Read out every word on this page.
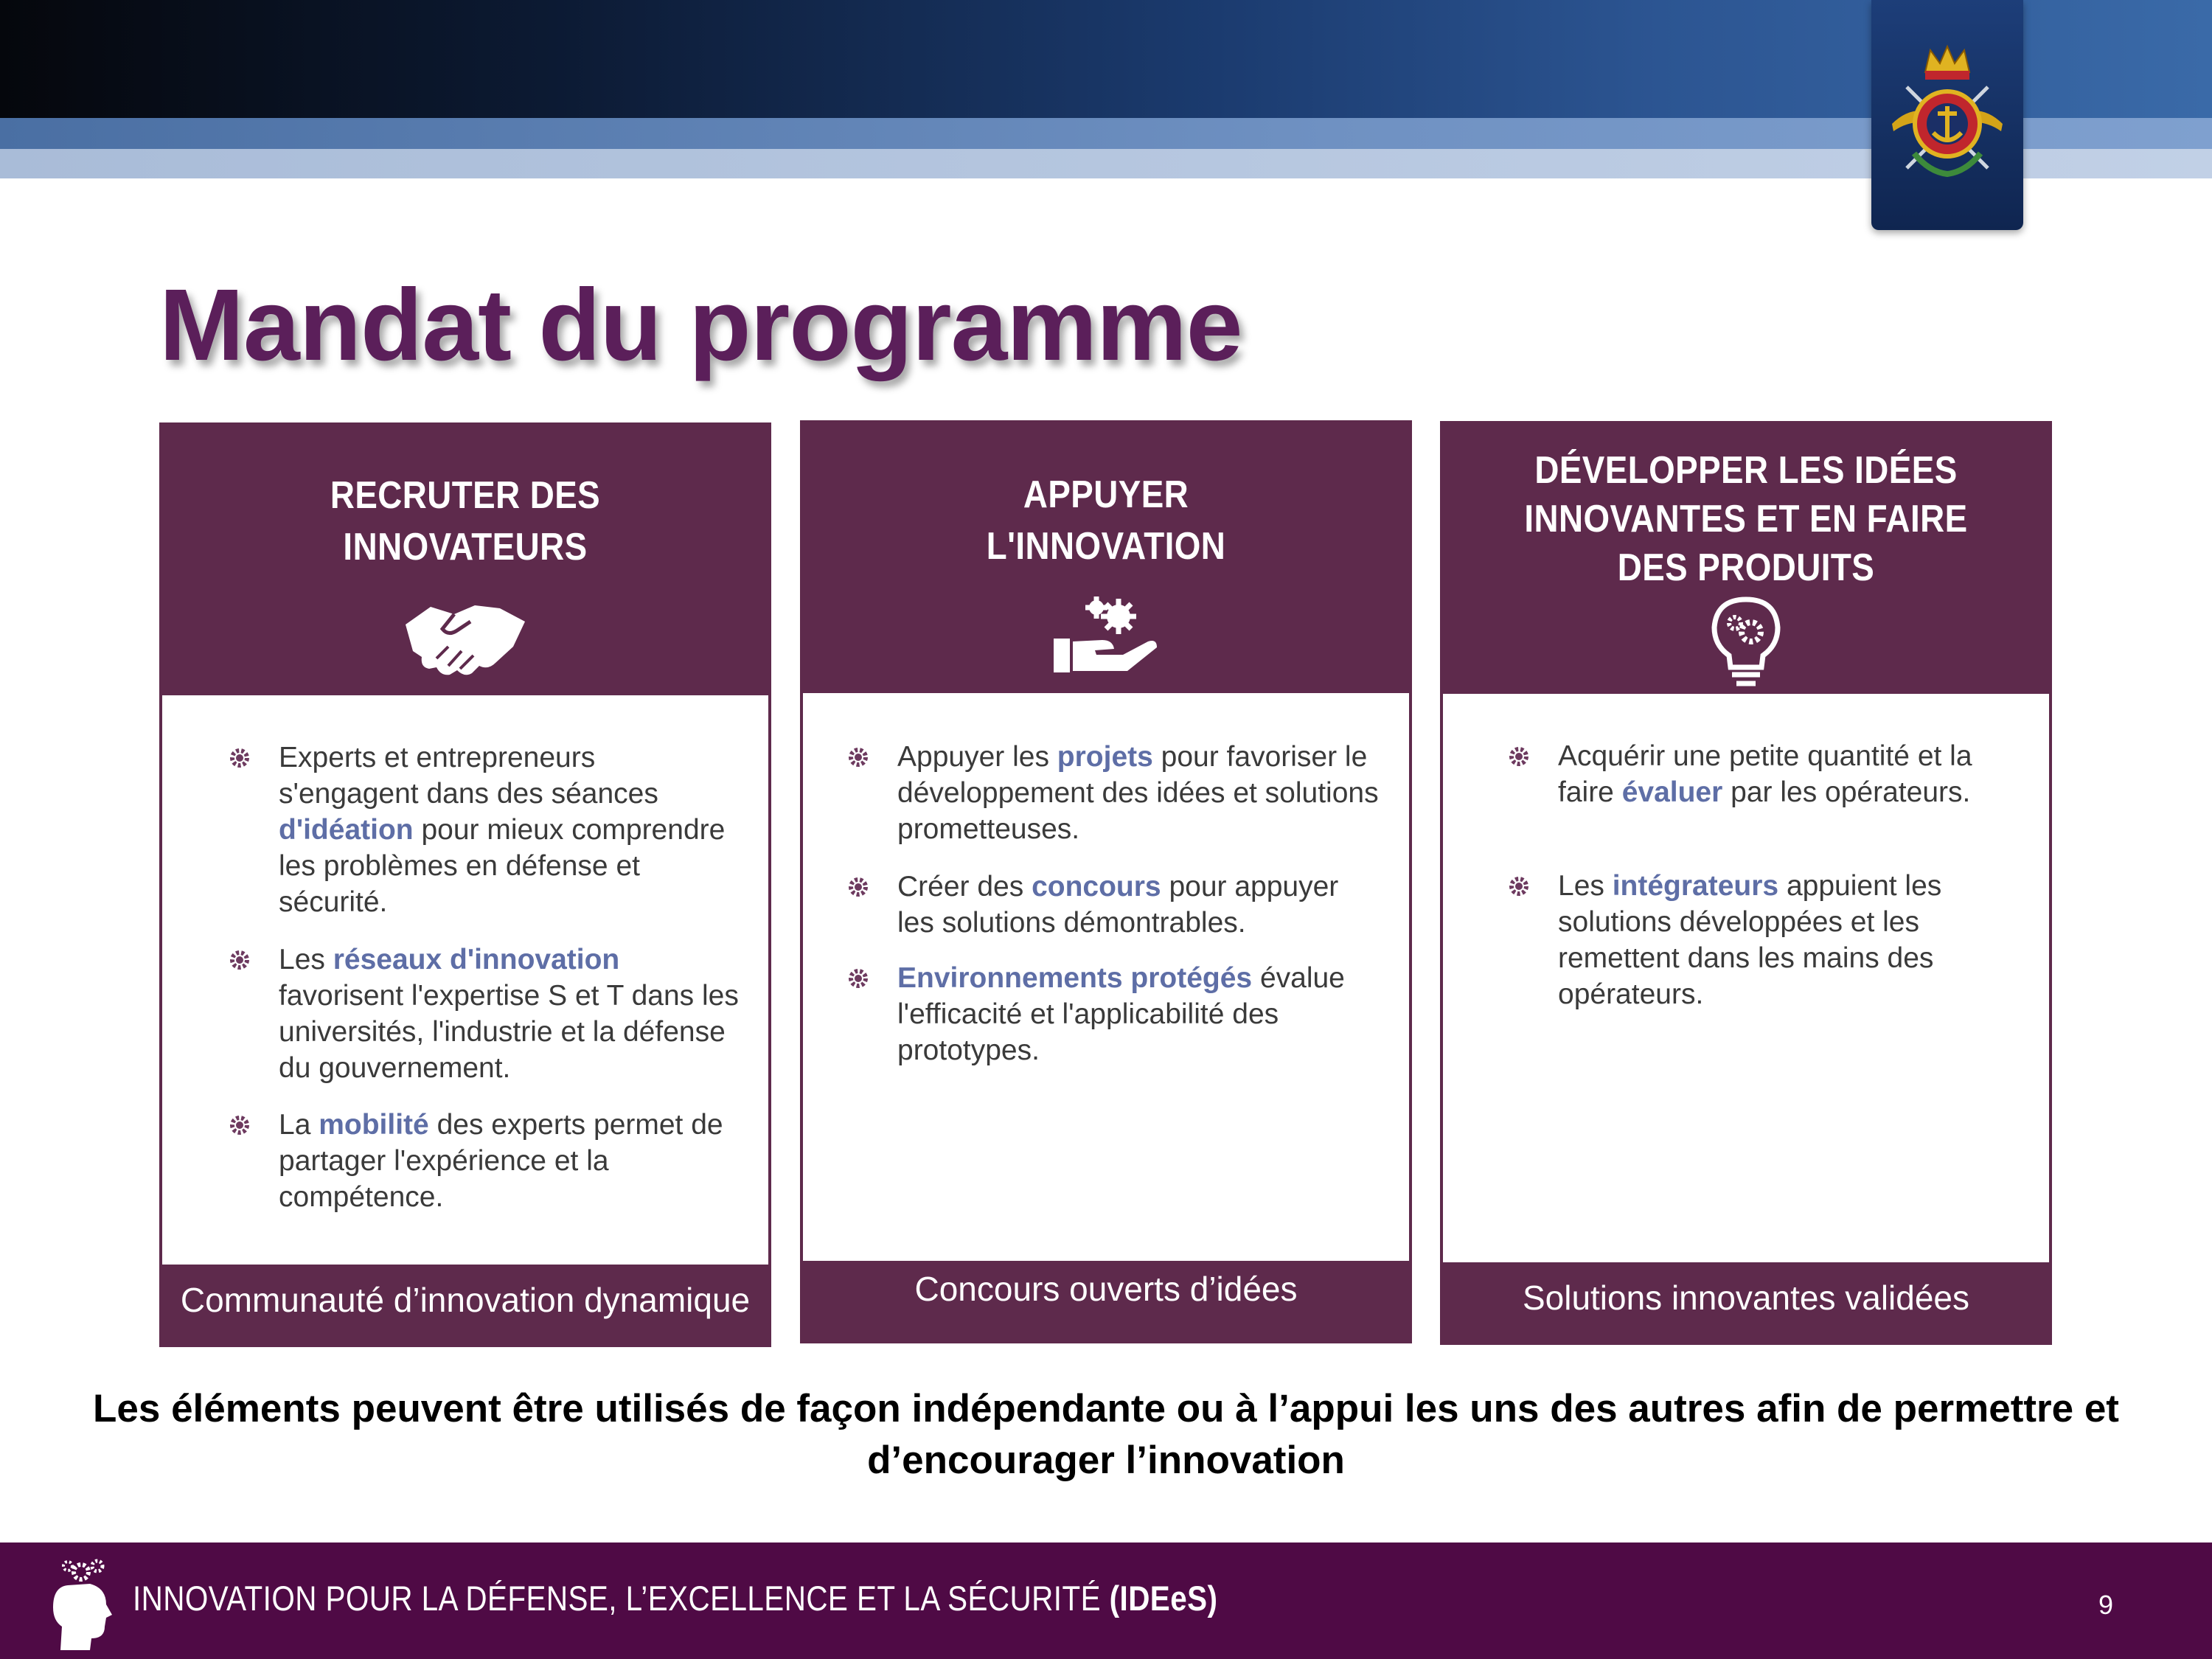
Mandat du programme
RECRUTER DES
INNOVATEURS
Experts et entrepreneurs s'engagent dans des séances d'idéation pour mieux comprendre les problèmes en défense et sécurité.
Les réseaux d'innovation favorisent l'expertise S et T dans les universités, l'industrie et la défense du gouvernement.
La mobilité des experts permet de partager l'expérience et la compétence.
Communauté d’innovation dynamique
APPUYER
L'INNOVATION
Appuyer les projets pour favoriser le développement des idées et solutions prometteuses.
Créer des concours pour appuyer les solutions démontrables.
Environnements protégés évalue l'efficacité et l'applicabilité des prototypes.
Concours ouverts d’idées
DÉVELOPPER LES IDÉES
INNOVANTES ET EN FAIRE
DES PRODUITS
Acquérir une petite quantité et la faire évaluer par les opérateurs.
Les intégrateurs appuient les solutions développées et les remettent dans les mains des opérateurs.
Solutions innovantes validées
Les éléments peuvent être utilisés de façon indépendante ou à l’appui les uns des autres afin de permettre et d’encourager l’innovation
INNOVATION POUR LA DÉFENSE, L’EXCELLENCE ET LA SÉCURITÉ (IDEeS)	9
